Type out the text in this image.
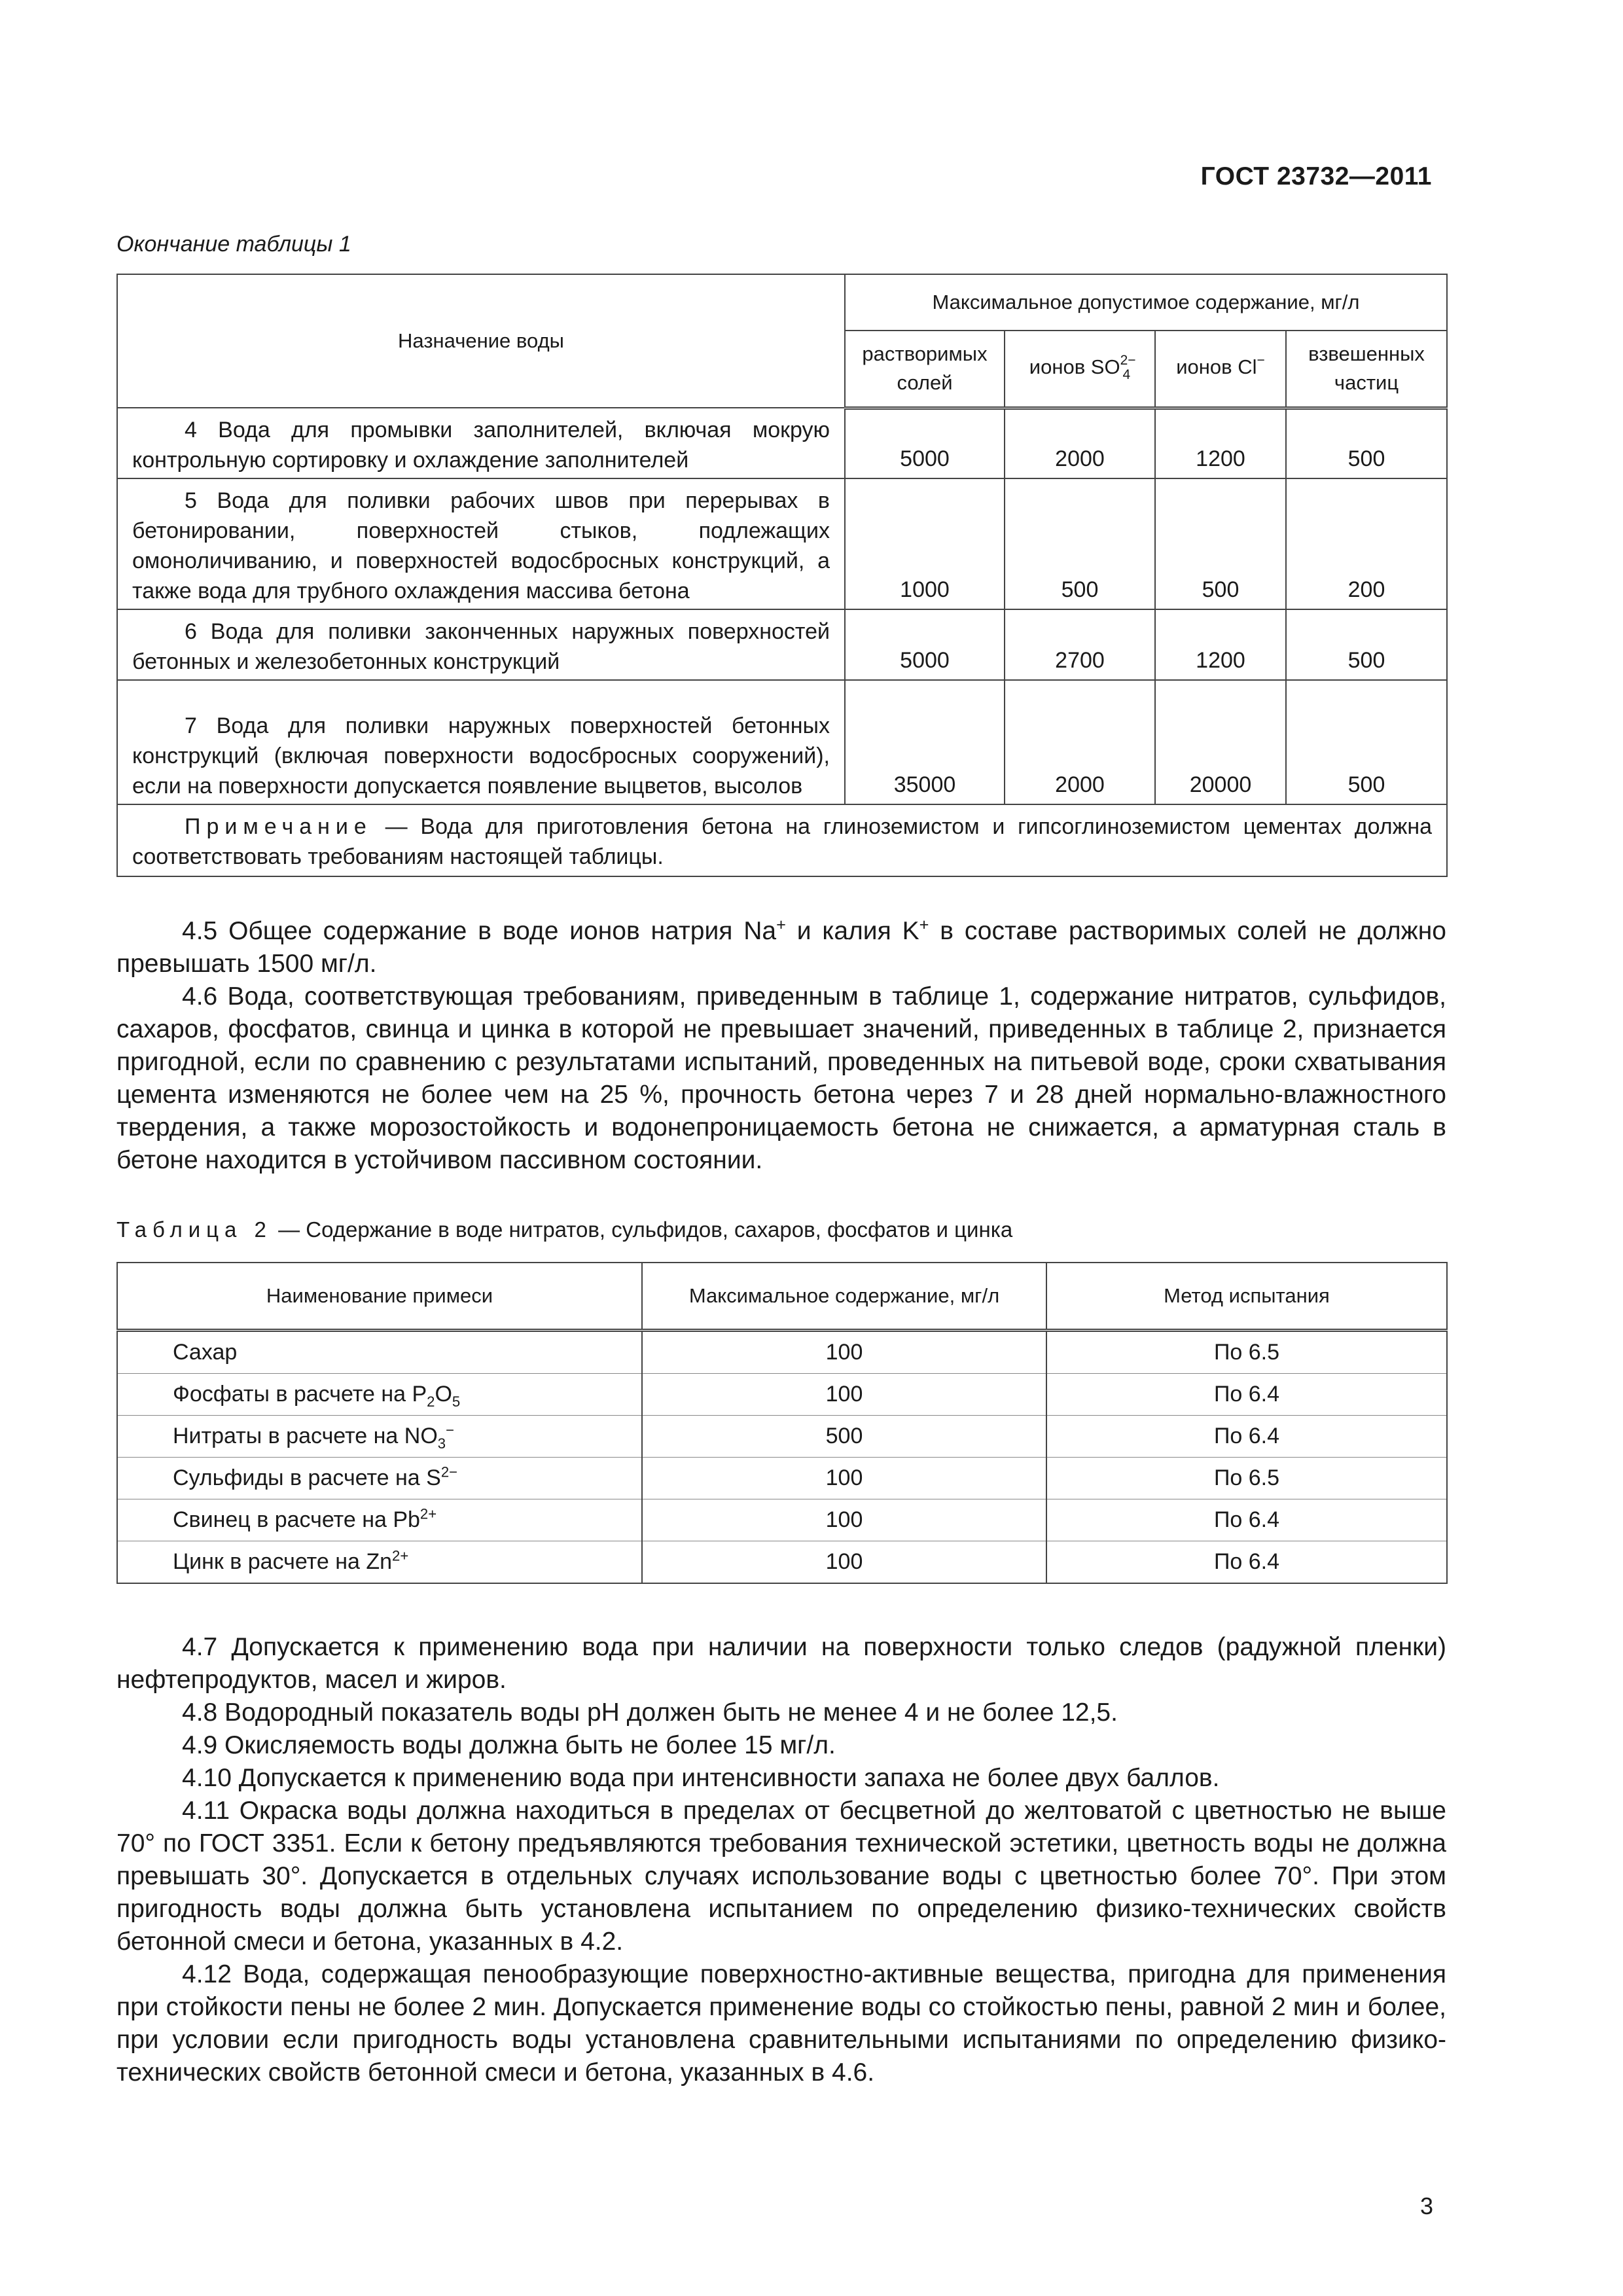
ГОСТ 23732—2011
Окончание таблицы 1
Назначение воды	Максимальное допустимое содержание, мг/л			
	растворимых солей	ионов $SO^{2-}_4$	ионов Cl−	взвешенных частиц

4 Вода для промывки заполнителей, включая мокрую контрольную сортировку и охлаждение заполнителей	5000	2000	1200	500

5 Вода для поливки рабочих швов при перерывах в бетонировании, поверхностей стыков, подлежащих омоноличиванию, и поверхностей водосбросных конструкций, а также вода для трубного охлаждения массива бетона	1000	500	500	200

6 Вода для поливки законченных наружных поверхностей бетонных и железобетонных конструкций	5000	2700	1200	500

7 Вода для поливки наружных поверхностей бетонных конструкций (включая поверхности водосбросных сооружений), если на поверхности допускается появление выцветов, высолов	35000	2000	20000	500
Примечание — Вода для приготовления бетона на глиноземистом и гипсоглиноземистом цементах должна соответствовать требованиям настоящей таблицы.				

4.5 Общее содержание в воде ионов натрия Na+ и калия K+ в составе растворимых солей не должно превышать 1500 мг/л.

4.6 Вода, соответствующая требованиям, приведенным в таблице 1, содержание нитратов, сульфидов, сахаров, фосфатов, свинца и цинка в которой не превышает значений, приведенных в таблице 2, признается пригодной, если по сравнению с результатами испытаний, проведенных на питьевой воде, сроки схватывания цемента изменяются не более чем на 25 %, прочность бетона через 7 и 28 дней нормально-влажностного твердения, а также морозостойкость и водонепроницаемость бетона не снижается, а арматурная сталь в бетоне находится в устойчивом пассивном состоянии.

Таблица 2 — Содержание в воде нитратов, сульфидов, сахаров, фосфатов и цинка
Наименование примеси	Максимальное содержание, мг/л	Метод испытания
Сахар	100	По 6.5
Фосфаты в расчете на $P_2O_5$	100	По 6.4
Нитраты в расчете на $NO_3^-$	500	По 6.4
Сульфиды в расчете на $S^{2-}$	100	По 6.5
Свинец в расчете на $Pb^{2+}$	100	По 6.4
Цинк в расчете на $Zn^{2+}$	100	По 6.4

4.7 Допускается к применению вода при наличии на поверхности только следов (радужной пленки) нефтепродуктов, масел и жиров.

4.8 Водородный показатель воды pH должен быть не менее 4 и не более 12,5.

4.9 Окисляемость воды должна быть не более 15 мг/л.

4.10 Допускается к применению вода при интенсивности запаха не более двух баллов.

4.11 Окраска воды должна находиться в пределах от бесцветной до желтоватой с цветностью не выше 70° по ГОСТ 3351. Если к бетону предъявляются требования технической эстетики, цветность воды не должна превышать 30°. Допускается в отдельных случаях использование воды с цветностью более 70°. При этом пригодность воды должна быть установлена испытанием по определению физико-технических свойств бетонной смеси и бетона, указанных в 4.2.

4.12 Вода, содержащая пенообразующие поверхностно-активные вещества, пригодна для применения при стойкости пены не более 2 мин. Допускается применение воды со стойкостью пены, равной 2 мин и более, при условии если пригодность воды установлена сравнительными испытаниями по определению физико-технических свойств бетонной смеси и бетона, указанных в 4.6.

3
